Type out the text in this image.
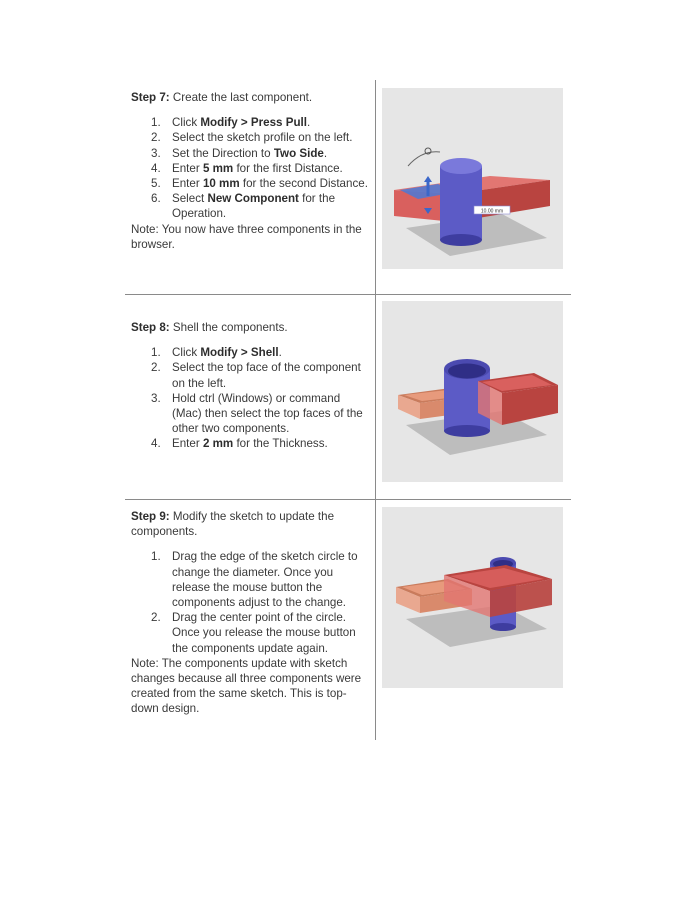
Step 7: Create the last component.

1. Click Modify > Press Pull.
2. Select the sketch profile on the left.
3. Set the Direction to Two Side.
4. Enter 5 mm for the first Distance.
5. Enter 10 mm for the second Distance.
6. Select New Component for the Operation.

Note: You now have three components in the browser.

Step 8: Shell the components.

1. Click Modify > Shell.
2. Select the top face of the component on the left.
3. Hold ctrl (Windows) or command (Mac) then select the top faces of the other two components.
4. Enter 2 mm for the Thickness.

Step 9: Modify the sketch to update the components.

1. Drag the edge of the sketch circle to change the diameter. Once you release the mouse button the components adjust to the change.
2. Drag the center point of the circle. Once you release the mouse button the components update again.

Note: The components update with sketch changes because all three components were created from the same sketch. This is top-down design.

10.00 mm
